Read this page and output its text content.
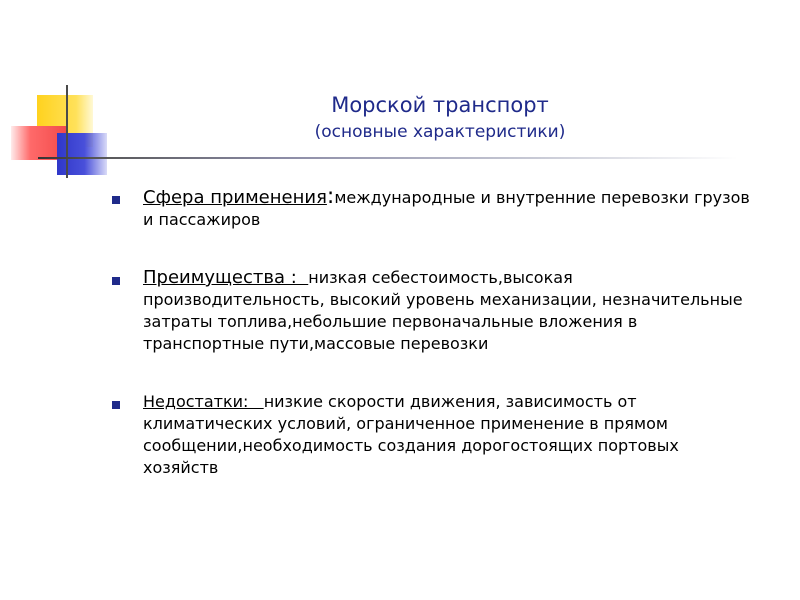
Морской транспорт
(основные характеристики)
Сфера применения:международные и внутренние перевозки грузов и пассажиров
Преимущества :  низкая себестоимость,высокая производительность, высокий уровень механизации, незначительные затраты топлива,небольшие первоначальные вложения в транспортные пути,массовые перевозки
Недостатки:   низкие скорости движения, зависимость от климатических условий, ограниченное применение в прямом сообщении,необходимость создания дорогостоящих портовых хозяйств
